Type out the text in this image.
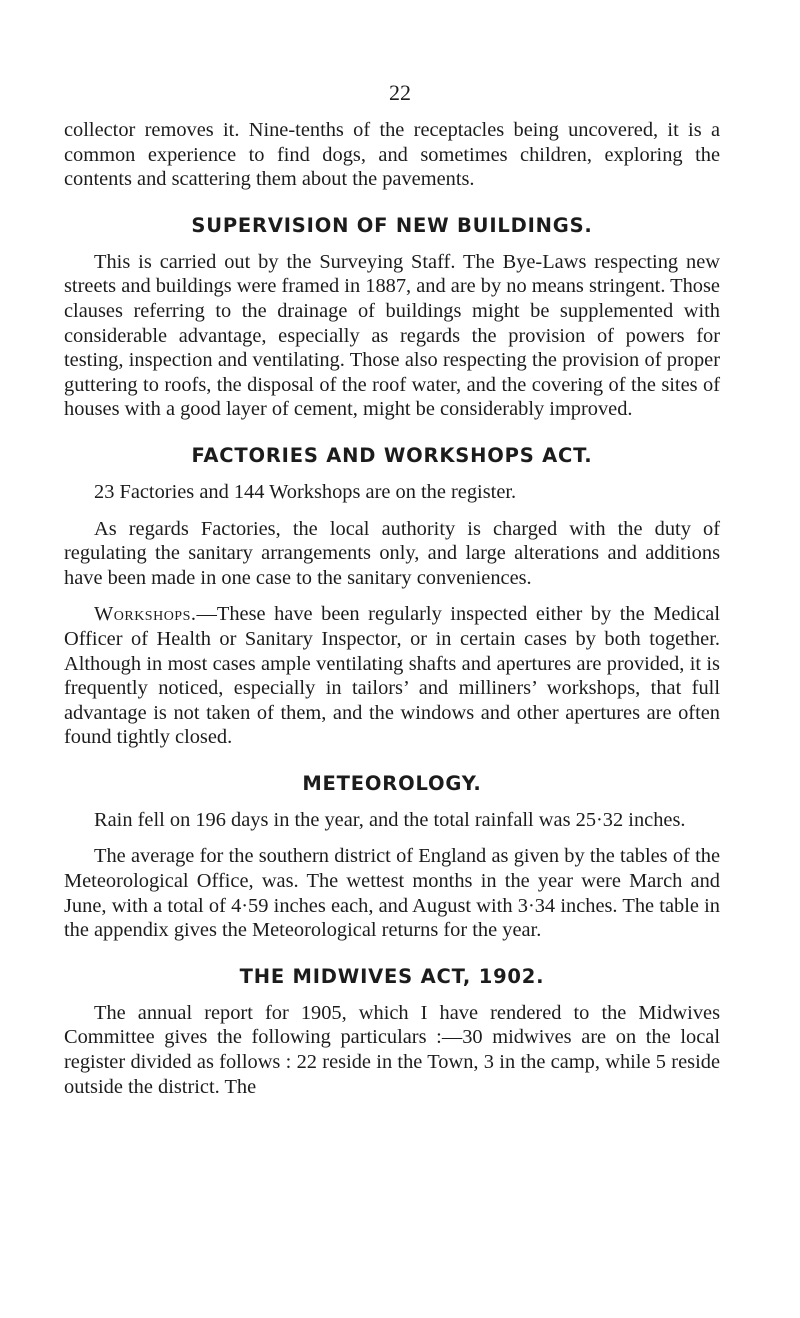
22

collector removes it. Nine-tenths of the receptacles being uncovered, it is a common experience to find dogs, and sometimes children, exploring the contents and scattering them about the pavements.

SUPERVISION OF NEW BUILDINGS.

This is carried out by the Surveying Staff. The Bye-Laws respecting new streets and buildings were framed in 1887, and are by no means stringent. Those clauses referring to the drainage of buildings might be supplemented with considerable advantage, especially as regards the provision of powers for testing, inspection and ventilating. Those also respecting the provision of proper guttering to roofs, the disposal of the roof water, and the covering of the sites of houses with a good layer of cement, might be considerably improved.

FACTORIES AND WORKSHOPS ACT.

23 Factories and 144 Workshops are on the register.

As regards Factories, the local authority is charged with the duty of regulating the sanitary arrangements only, and large alterations and additions have been made in one case to the sanitary conveniences.

Workshops.—These have been regularly inspected either by the Medical Officer of Health or Sanitary Inspector, or in certain cases by both together. Although in most cases ample ventilating shafts and apertures are provided, it is frequently noticed, especially in tailors’ and milliners’ workshops, that full advantage is not taken of them, and the windows and other apertures are often found tightly closed.

METEOROLOGY.

Rain fell on 196 days in the year, and the total rainfall was 25·32 inches.

The average for the southern district of England as given by the tables of the Meteorological Office, was. The wettest months in the year were March and June, with a total of 4·59 inches each, and August with 3·34 inches. The table in the appendix gives the Meteorological returns for the year.

THE MIDWIVES ACT, 1902.

The annual report for 1905, which I have rendered to the Midwives Committee gives the following particulars :—30 midwives are on the local register divided as follows : 22 reside in the Town, 3 in the camp, while 5 reside outside the district. The
